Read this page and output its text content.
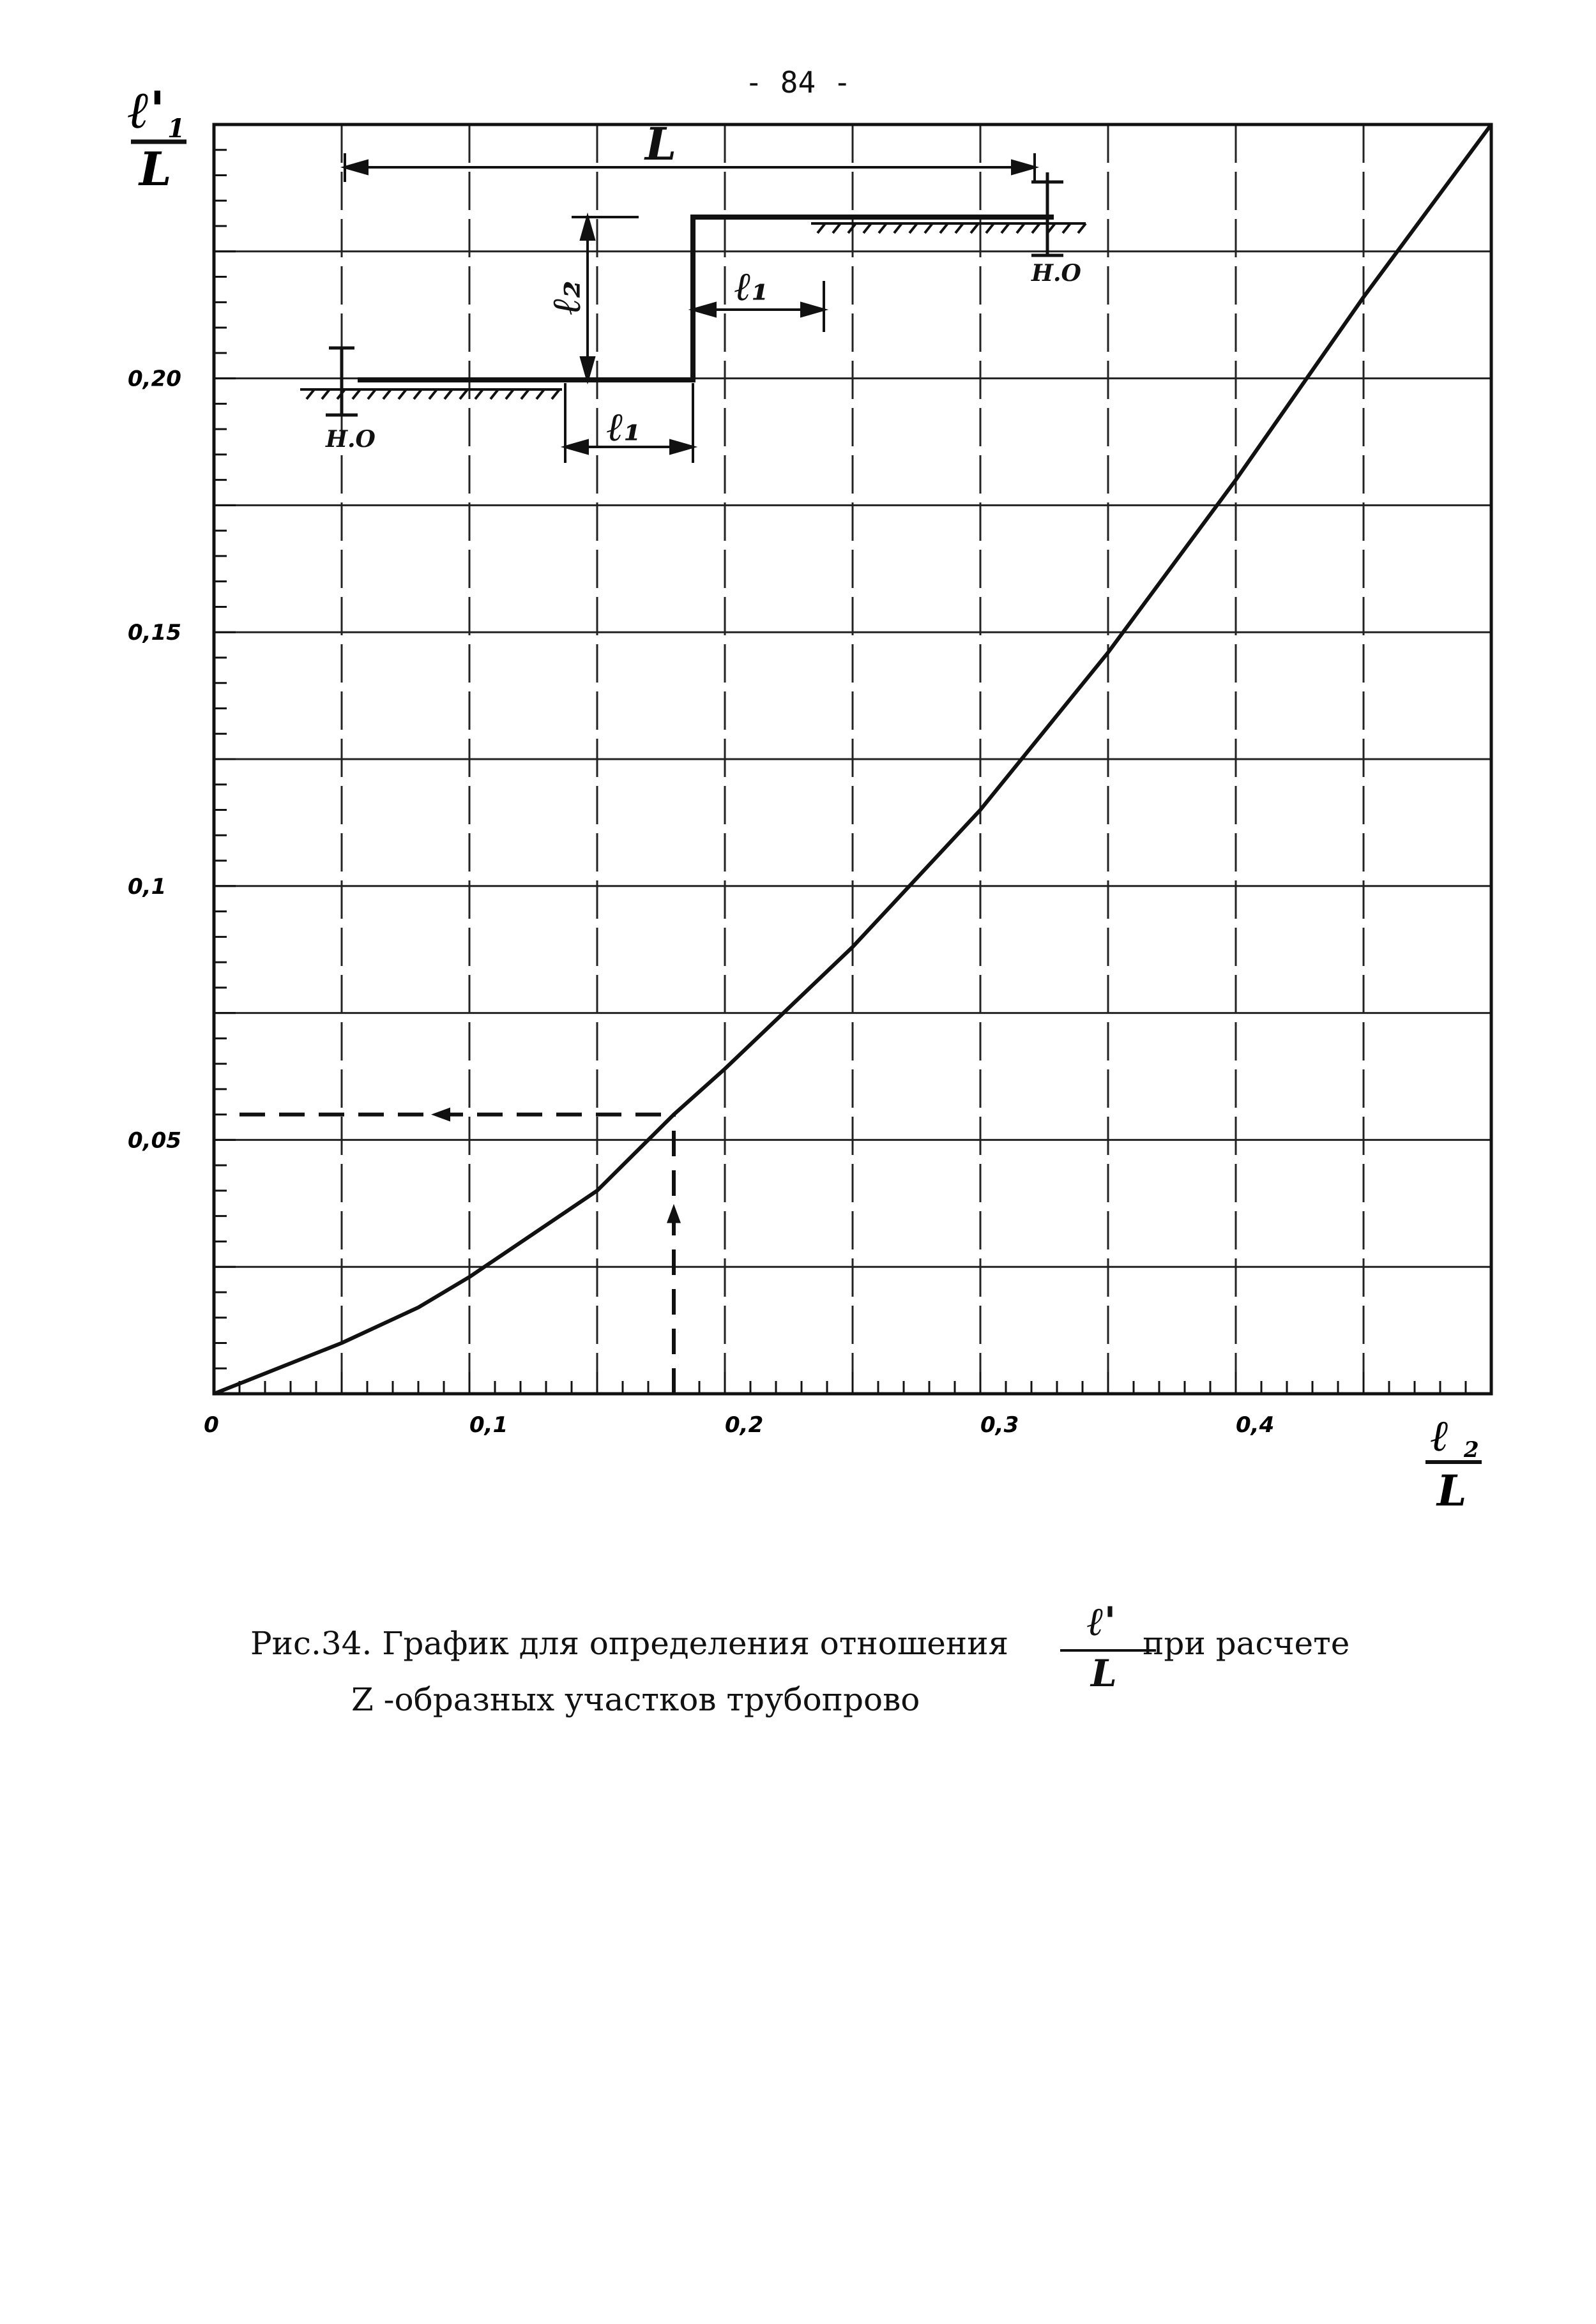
- 84 -
0	0,1	0,2	0,3	0,4
0,05
0,1
0,15
0,20
ℓ' 1
L
ℓ 2
L
Н.О
Н.О
L
ℓ₂	ℓ₁
ℓ₁
Рис.34. График для определения отношения	при расчете
ℓ'
L
Z -образных участков трубопрово
